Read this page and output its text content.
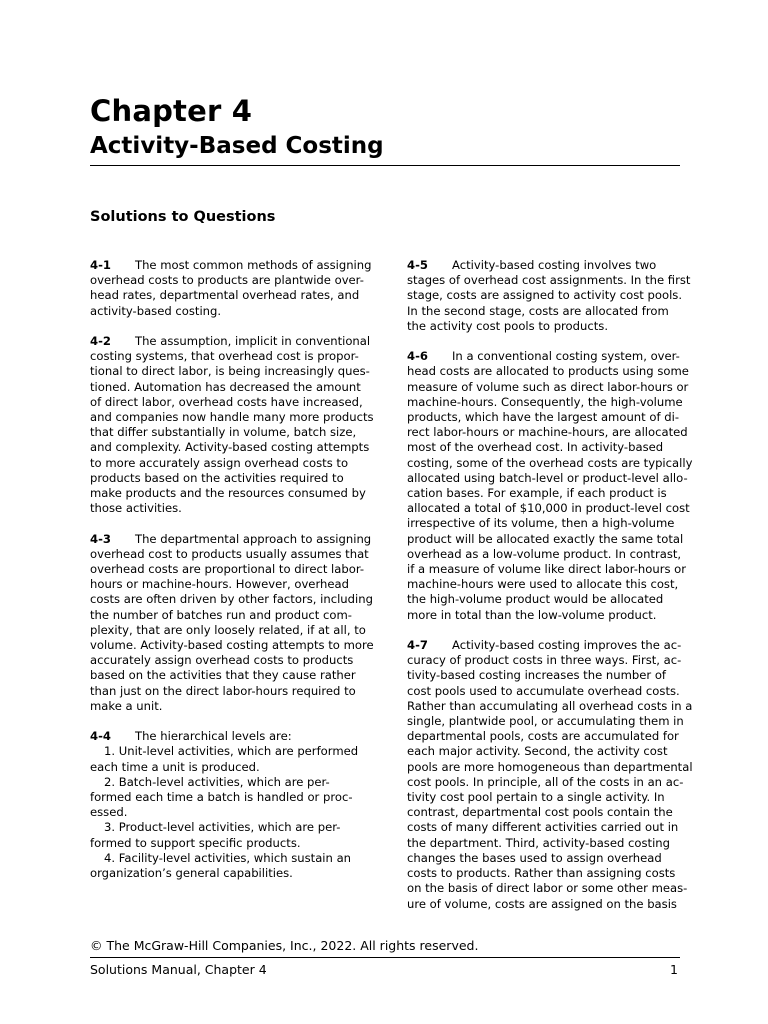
Chapter 4
Activity-Based Costing
Solutions to Questions

4-1 The most common methods of assigning
overhead costs to products are plantwide over-
head rates, departmental overhead rates, and
activity-based costing.

4-2 The assumption, implicit in conventional
costing systems, that overhead cost is propor-
tional to direct labor, is being increasingly ques-
tioned. Automation has decreased the amount
of direct labor, overhead costs have increased,
and companies now handle many more products
that differ substantially in volume, batch size,
and complexity. Activity-based costing attempts
to more accurately assign overhead costs to
products based on the activities required to
make products and the resources consumed by
those activities.

4-3 The departmental approach to assigning
overhead cost to products usually assumes that
overhead costs are proportional to direct labor-
hours or machine-hours. However, overhead
costs are often driven by other factors, including
the number of batches run and product com-
plexity, that are only loosely related, if at all, to
volume. Activity-based costing attempts to more
accurately assign overhead costs to products
based on the activities that they cause rather
than just on the direct labor-hours required to
make a unit.

4-4 The hierarchical levels are:
1. Unit-level activities, which are performed
each time a unit is produced.
2. Batch-level activities, which are per-
formed each time a batch is handled or proc-
essed.
3. Product-level activities, which are per-
formed to support specific products.
4. Facility-level activities, which sustain an
organization’s general capabilities.

4-5 Activity-based costing involves two
stages of overhead cost assignments. In the first
stage, costs are assigned to activity cost pools.
In the second stage, costs are allocated from
the activity cost pools to products.

4-6 In a conventional costing system, over-
head costs are allocated to products using some
measure of volume such as direct labor-hours or
machine-hours. Consequently, the high-volume
products, which have the largest amount of di-
rect labor-hours or machine-hours, are allocated
most of the overhead cost. In activity-based
costing, some of the overhead costs are typically
allocated using batch-level or product-level allo-
cation bases. For example, if each product is
allocated a total of $10,000 in product-level cost
irrespective of its volume, then a high-volume
product will be allocated exactly the same total
overhead as a low-volume product. In contrast,
if a measure of volume like direct labor-hours or
machine-hours were used to allocate this cost,
the high-volume product would be allocated
more in total than the low-volume product.

4-7 Activity-based costing improves the ac-
curacy of product costs in three ways. First, ac-
tivity-based costing increases the number of
cost pools used to accumulate overhead costs.
Rather than accumulating all overhead costs in a
single, plantwide pool, or accumulating them in
departmental pools, costs are accumulated for
each major activity. Second, the activity cost
pools are more homogeneous than departmental
cost pools. In principle, all of the costs in an ac-
tivity cost pool pertain to a single activity. In
contrast, departmental cost pools contain the
costs of many different activities carried out in
the department. Third, activity-based costing
changes the bases used to assign overhead
costs to products. Rather than assigning costs
on the basis of direct labor or some other meas-
ure of volume, costs are assigned on the basis

© The McGraw-Hill Companies, Inc., 2022. All rights reserved.
Solutions Manual, Chapter 4	1
